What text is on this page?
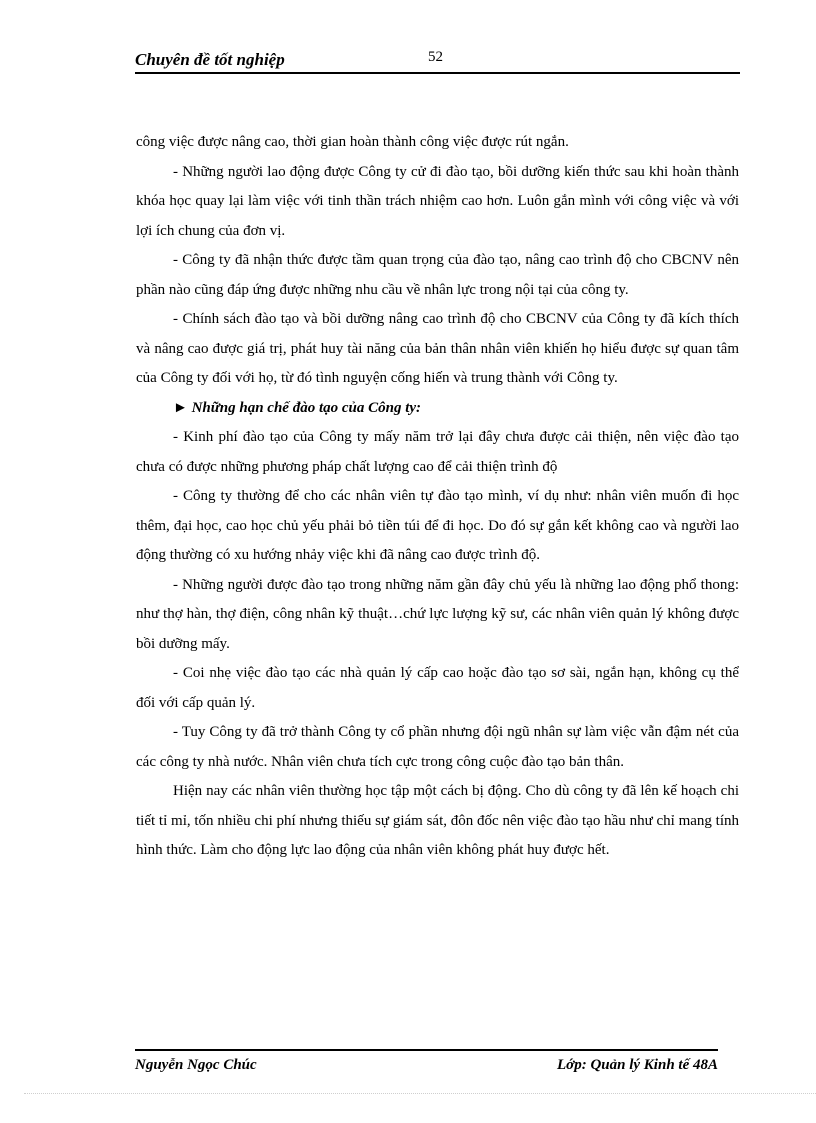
Chuyên đề tốt nghiệp	52

công việc được nâng cao, thời gian hoàn thành công việc được rút ngắn.

- Những người lao động được Công ty cử đi đào tạo, bồi dưỡng kiến thức sau khi hoàn thành khóa học quay lại làm việc với tinh thần trách nhiệm cao hơn. Luôn gắn mình với công việc và với lợi ích chung của đơn vị.

- Công ty đã nhận thức được tầm quan trọng của đào tạo, nâng cao trình độ cho CBCNV nên phần nào cũng đáp ứng được những nhu cầu về nhân lực trong nội tại của công ty.

- Chính sách đào tạo và bồi dưỡng nâng cao trình độ cho CBCNV của Công ty đã kích thích và nâng cao được giá trị, phát huy tài năng của bản thân nhân viên khiến họ hiểu được sự quan tâm của Công ty đối với họ, từ đó tình nguyện cống hiến và trung thành với Công ty.

► Những hạn chế đào tạo của Công ty:

- Kinh phí đào tạo của Công ty mấy năm trở lại đây chưa được cải thiện, nên việc đào tạo chưa có được những phương pháp chất lượng cao để cải thiện trình độ

- Công ty thường để cho các nhân viên tự đào tạo mình, ví dụ như: nhân viên muốn đi học thêm, đại học, cao học chủ yếu phải bỏ tiền túi để đi học. Do đó sự gắn kết không cao và người lao động thường có xu hướng nhảy việc khi đã nâng cao được trình độ.

- Những người được đào tạo trong những năm gần đây chủ yếu là những lao động phổ thong: như thợ hàn, thợ điện, công nhân kỹ thuật…chứ lực lượng kỹ sư, các nhân viên quản lý không được bồi dưỡng mấy.

- Coi nhẹ việc đào tạo các nhà quản lý cấp cao hoặc đào tạo sơ sài, ngắn hạn, không cụ thể đối với cấp quản lý.

- Tuy Công ty đã trở thành Công ty cổ phần nhưng đội ngũ nhân sự làm việc vẫn đậm nét của các công ty nhà nước. Nhân viên chưa tích cực trong công cuộc đào tạo bản thân.

Hiện nay các nhân viên thường học tập một cách bị động. Cho dù công ty đã lên kế hoạch chi tiết tỉ mỉ, tốn nhiều chi phí nhưng thiếu sự giám sát, đôn đốc nên việc đào tạo hầu như chỉ mang tính hình thức. Làm cho động lực lao động của nhân viên không phát huy được hết.

Nguyễn Ngọc Chúc	Lớp: Quản lý Kinh tế 48A
